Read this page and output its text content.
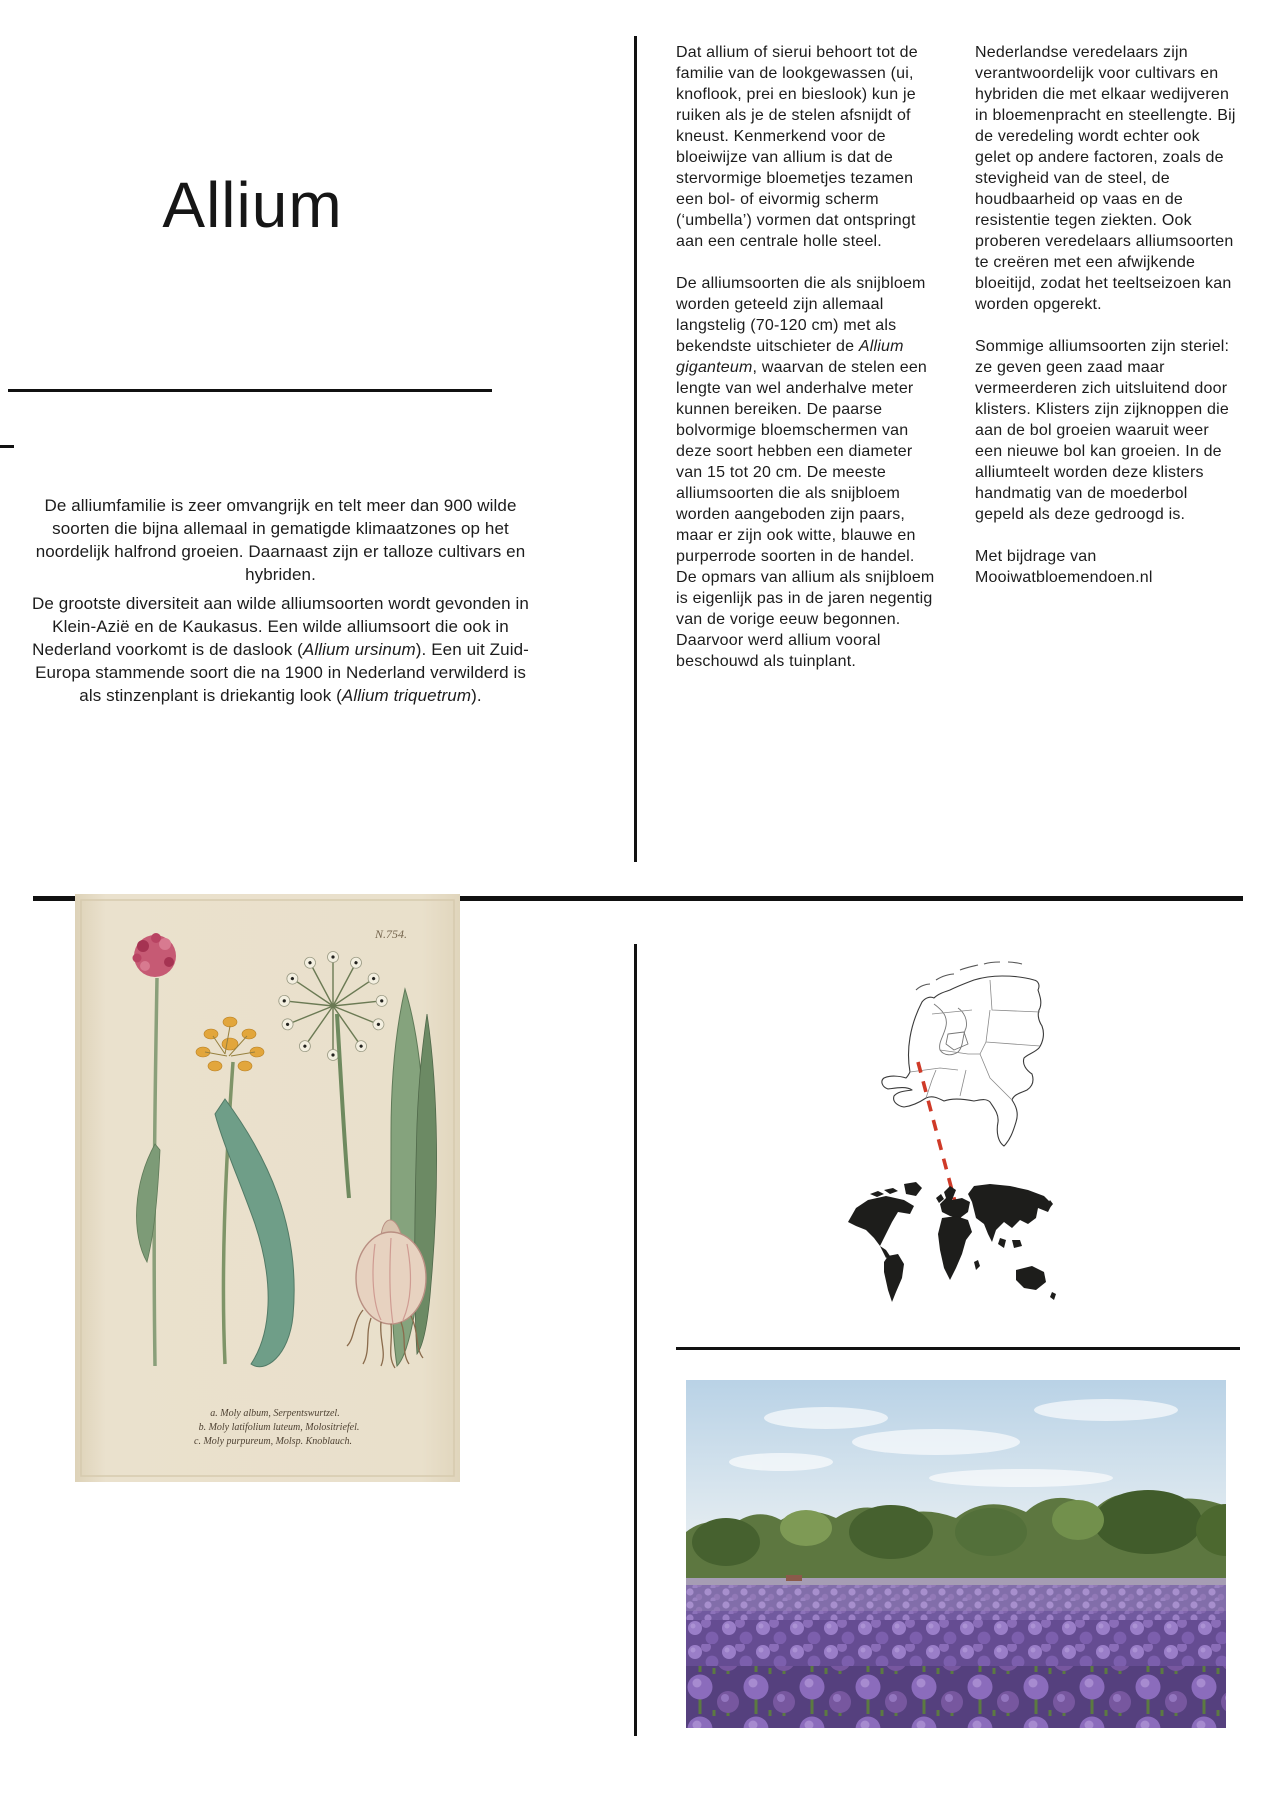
Allium

De alliumfamilie is zeer omvangrijk en telt meer dan 900 wilde soorten die bijna allemaal in gematigde klimaatzones op het noordelijk halfrond groeien. Daarnaast zijn er talloze cultivars en hybriden.

De grootste diversiteit aan wilde alliumsoorten wordt gevonden in Klein-Azië en de Kaukasus. Een wilde alliumsoort die ook in Nederland voorkomt is de daslook (Allium ursinum). Een uit Zuid-Europa stammende soort die na 1900 in Nederland verwilderd is als stinzenplant is driekantig look (Allium triquetrum).

Dat allium of sierui behoort tot de familie van de lookgewassen (ui, knoflook, prei en bieslook) kun je ruiken als je de stelen afsnijdt of kneust. Kenmerkend voor de bloeiwijze van allium is dat de stervormige bloemetjes tezamen een bol- of eivormig scherm (‘umbella’) vormen dat ontspringt aan een centrale holle steel.

De alliumsoorten die als snijbloem worden geteeld zijn allemaal langstelig (70-120 cm) met als bekendste uitschieter de Allium giganteum, waarvan de stelen een lengte van wel anderhalve meter kunnen bereiken. De paarse bolvormige bloemschermen van deze soort hebben een diameter van 15 tot 20 cm. De meeste alliumsoorten die als snijbloem worden aangeboden zijn paars, maar er zijn ook witte, blauwe en purperrode soorten in de handel. De opmars van allium als snijbloem is eigenlijk pas in de jaren negentig van de vorige eeuw begonnen. Daarvoor werd allium vooral beschouwd als tuinplant.

Nederlandse veredelaars zijn verantwoordelijk voor cultivars en hybriden die met elkaar wedijveren in bloemenpracht en steellengte. Bij de veredeling wordt echter ook gelet op andere factoren, zoals de stevigheid van de steel, de houdbaarheid op vaas en de resistentie tegen ziekten. Ook proberen veredelaars alliumsoorten te creëren met een afwijkende bloeitijd, zodat het teeltseizoen kan worden opgerekt.

Sommige alliumsoorten zijn steriel: ze geven geen zaad maar vermeerderen zich uitsluitend door klisters. Klisters zijn zijknoppen die aan de bol groeien waaruit weer een nieuwe bol kan groeien. In de alliumteelt worden deze klisters handmatig van de moederbol gepeld als deze gedroogd is.

Met bijdrage van Mooiwatbloemendoen.nl

N.754.
a. Moly album, Serpentswurtzel.
b. Moly latifolium luteum, Molositriefel.
c. Moly purpureum, Molsp. Knoblauch.
